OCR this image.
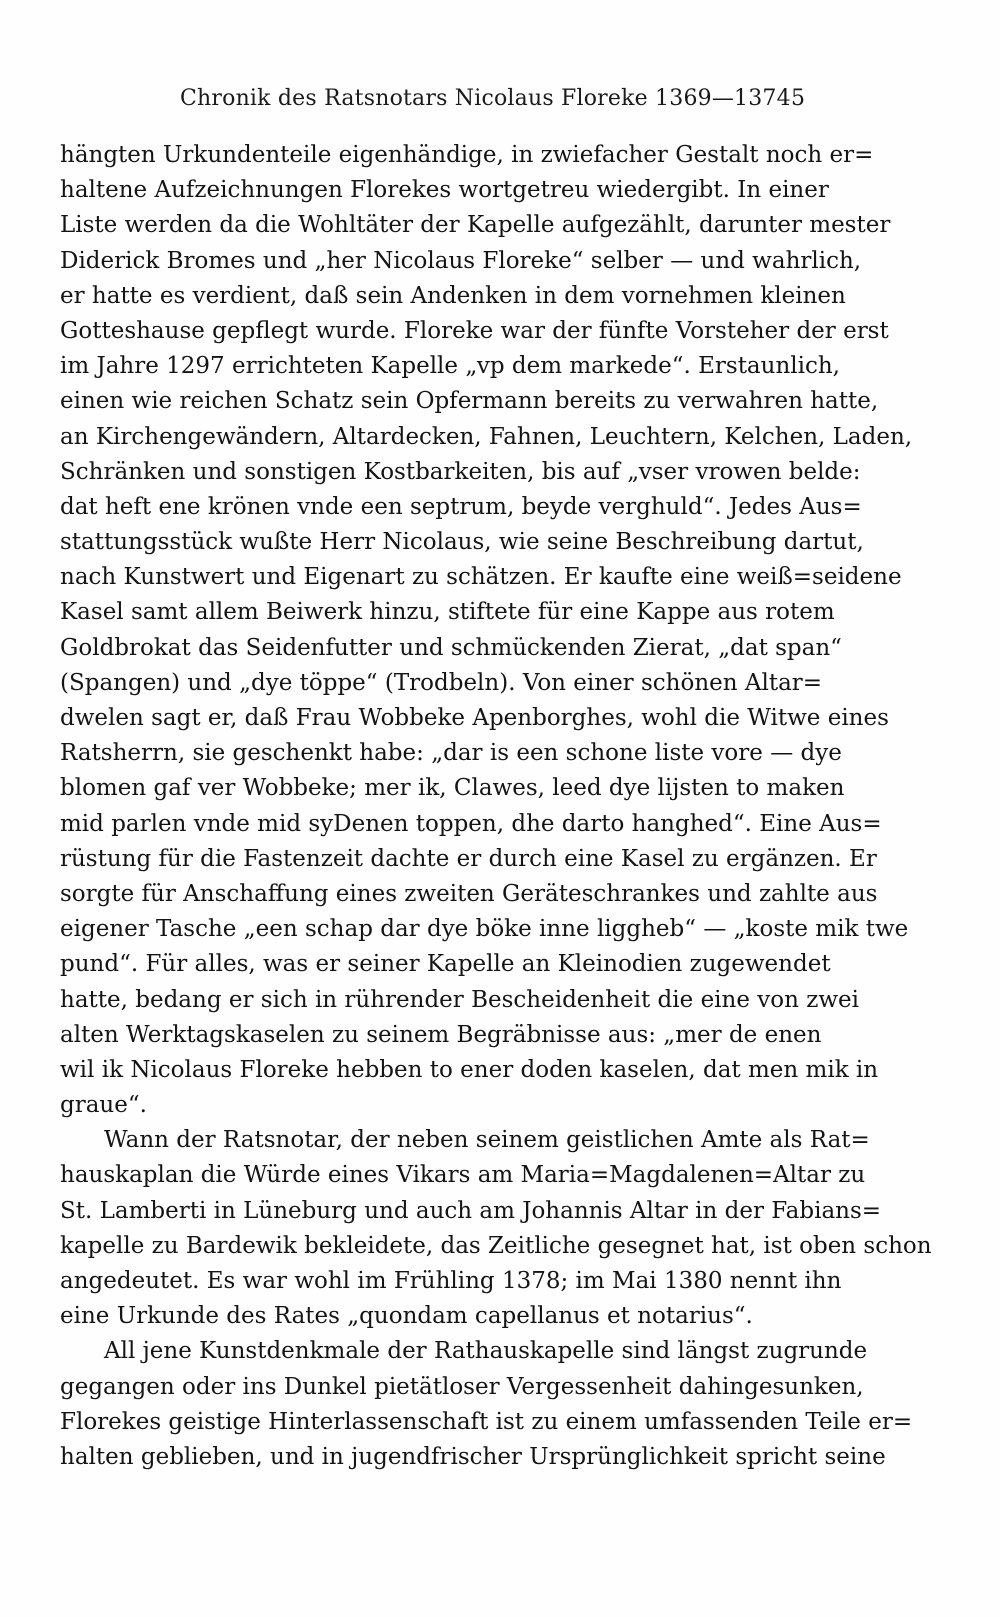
Chronik des Ratsnotars Nicolaus Floreke 1369—1374 5
hängten Urkundenteile eigenhändige, in zwiefacher Gestalt noch er=
haltene Aufzeichnungen Florekes wortgetreu wiedergibt. In einer
Liste werden da die Wohltäter der Kapelle aufgezählt, darunter mester
Diderick Bromes und „her Nicolaus Floreke“ selber — und wahrlich,
er hatte es verdient, daß sein Andenken in dem vornehmen kleinen
Gotteshause gepflegt wurde. Floreke war der fünfte Vorsteher der erst
im Jahre 1297 errichteten Kapelle „vp dem markede“. Erstaunlich,
einen wie reichen Schatz sein Opfermann bereits zu verwahren hatte,
an Kirchengewändern, Altardecken, Fahnen, Leuchtern, Kelchen, Laden,
Schränken und sonstigen Kostbarkeiten, bis auf „vser vrowen belde:
dat heft ene krönen vnde een septrum, beyde verghuld“. Jedes Aus=
stattungsstück wußte Herr Nicolaus, wie seine Beschreibung dartut,
nach Kunstwert und Eigenart zu schätzen. Er kaufte eine weiß=seidene
Kasel samt allem Beiwerk hinzu, stiftete für eine Kappe aus rotem
Goldbrokat das Seidenfutter und schmückenden Zierat, „dat span“
(Spangen) und „dye töppe“ (Trodbeln). Von einer schönen Altar=
dwelen sagt er, daß Frau Wobbeke Apenborghes, wohl die Witwe eines
Ratsherrn, sie geschenkt habe: „dar is een schone liste vore — dye
blomen gaf ver Wobbeke; mer ik, Clawes, leed dye lijsten to maken
mid parlen vnde mid syDenen toppen, dhe darto hanghed“. Eine Aus=
rüstung für die Fastenzeit dachte er durch eine Kasel zu ergänzen. Er
sorgte für Anschaffung eines zweiten Geräteschrankes und zahlte aus
eigener Tasche „een schap dar dye böke inne liggheb“ — „koste mik twe
pund“. Für alles, was er seiner Kapelle an Kleinodien zugewendet
hatte, bedang er sich in rührender Bescheidenheit die eine von zwei
alten Werktagskaselen zu seinem Begräbnisse aus: „mer de enen
wil ik Nicolaus Floreke hebben to ener doden kaselen, dat men mik in
graue“.
Wann der Ratsnotar, der neben seinem geistlichen Amte als Rat=
hauskaplan die Würde eines Vikars am Maria=Magdalenen=Altar zu
St. Lamberti in Lüneburg und auch am Johannis Altar in der Fabians=
kapelle zu Bardewik bekleidete, das Zeitliche gesegnet hat, ist oben schon
angedeutet. Es war wohl im Frühling 1378; im Mai 1380 nennt ihn
eine Urkunde des Rates „quondam capellanus et notarius“.
All jene Kunstdenkmale der Rathauskapelle sind längst zugrunde
gegangen oder ins Dunkel pietätloser Vergessenheit dahingesunken,
Florekes geistige Hinterlassenschaft ist zu einem umfassenden Teile er=
halten geblieben, und in jugendfrischer Ursprünglichkeit spricht seine
